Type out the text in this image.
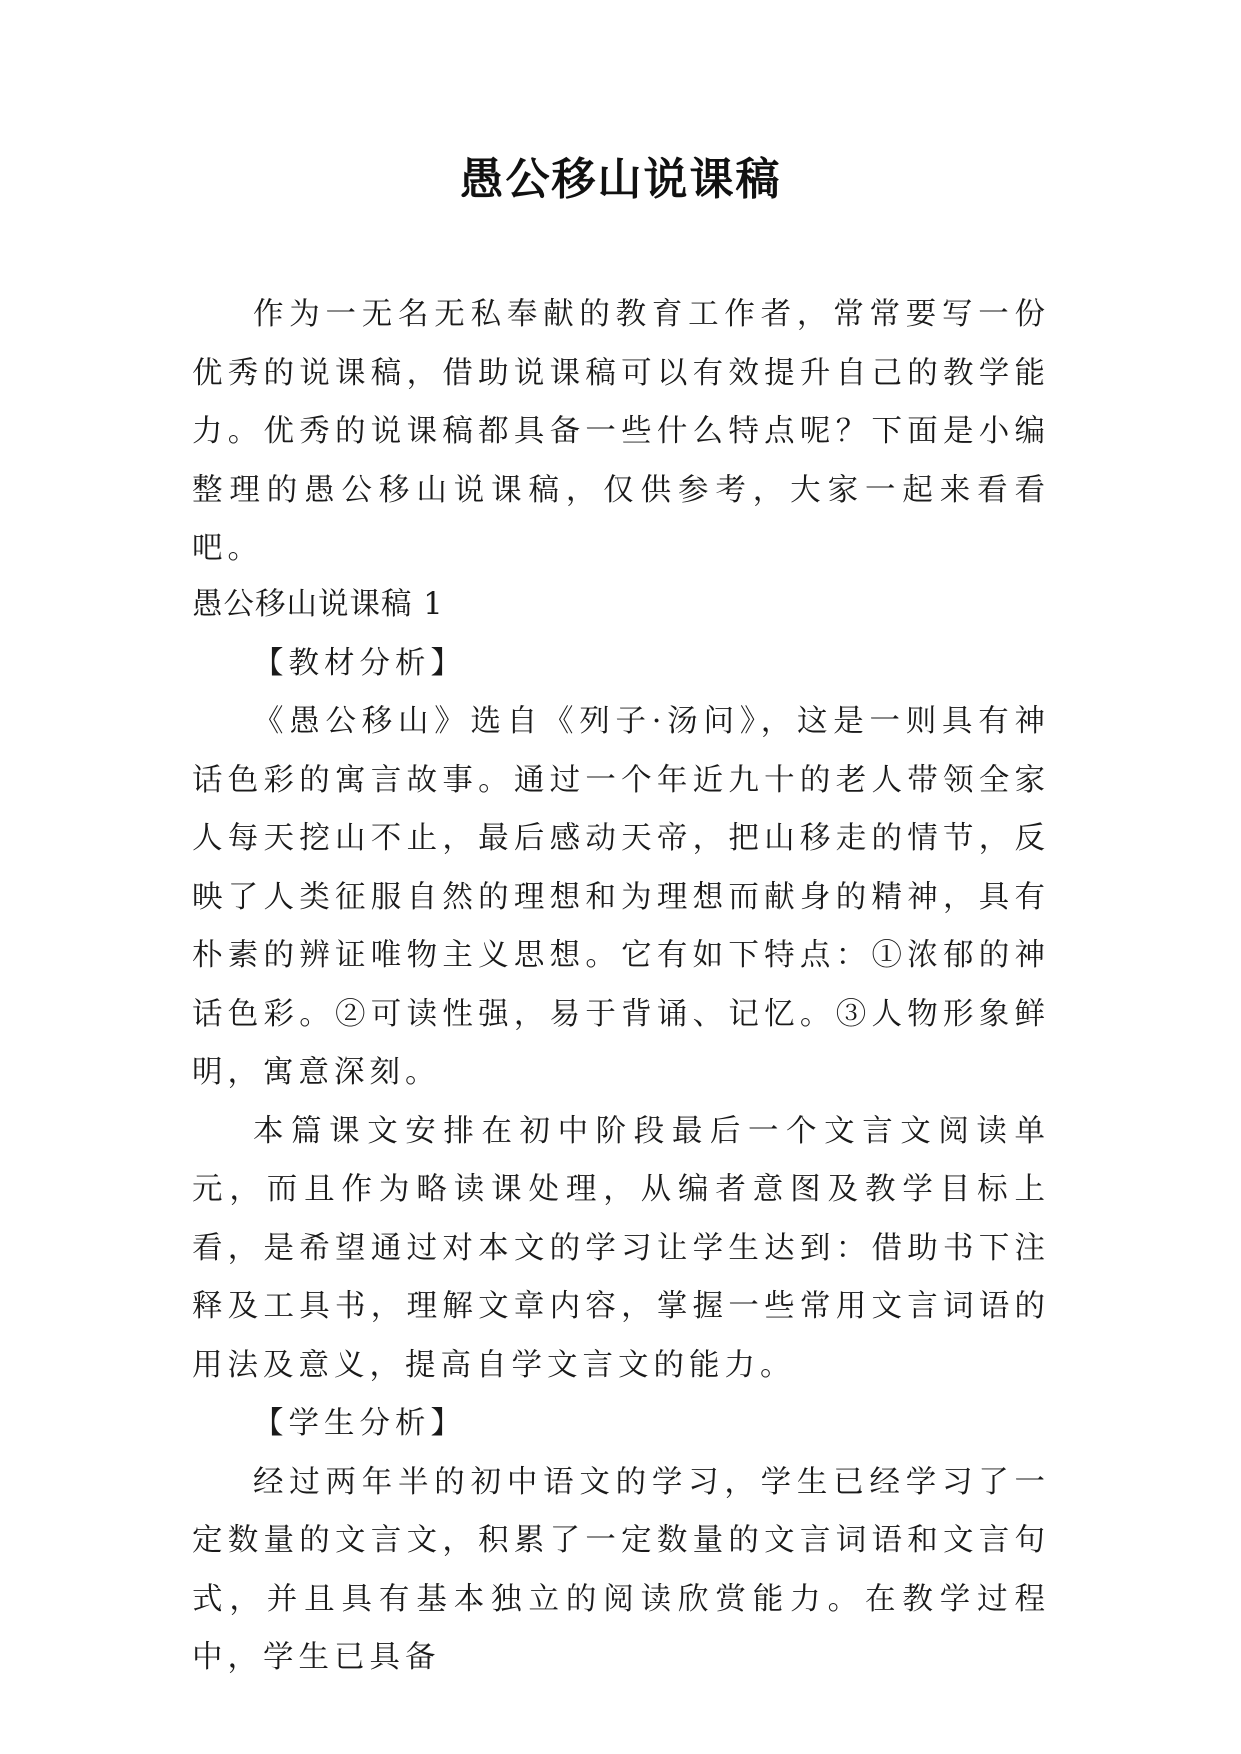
愚公移山说课稿

作为一无名无私奉献的教育工作者，常常要写一份优秀的说课稿，借助说课稿可以有效提升自己的教学能力。优秀的说课稿都具备一些什么特点呢？下面是小编整理的愚公移山说课稿，仅供参考，大家一起来看看吧。

愚公移山说课稿 1

【教材分析】

《愚公移山》选自《列子·汤问》，这是一则具有神话色彩的寓言故事。通过一个年近九十的老人带领全家人每天挖山不止，最后感动天帝，把山移走的情节，反映了人类征服自然的理想和为理想而献身的精神，具有朴素的辨证唯物主义思想。它有如下特点：①浓郁的神话色彩。②可读性强，易于背诵、记忆。③人物形象鲜明，寓意深刻。

本篇课文安排在初中阶段最后一个文言文阅读单元，而且作为略读课处理，从编者意图及教学目标上看，是希望通过对本文的学习让学生达到：借助书下注释及工具书，理解文章内容，掌握一些常用文言词语的用法及意义，提高自学文言文的能力。

【学生分析】

经过两年半的初中语文的学习，学生已经学习了一定数量的文言文，积累了一定数量的文言词语和文言句式，并且具有基本独立的阅读欣赏能力。在教学过程中，学生已具备
